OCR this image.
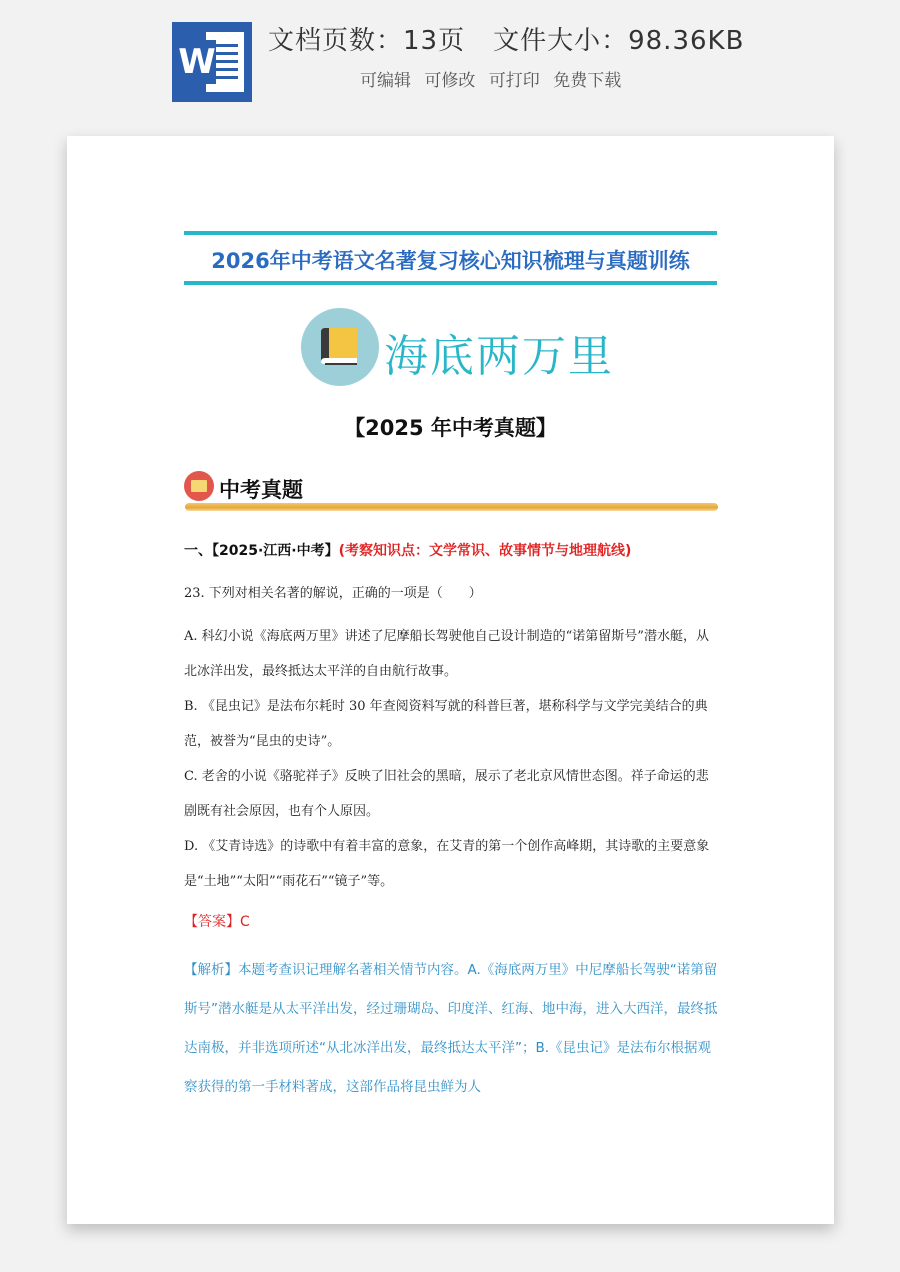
W
文档页数：13页 文件大小：98.36KB
可编辑 可修改 可打印 免费下载
2026年中考语文名著复习核心知识梳理与真题训练
海底两万里
【2025 年中考真题】
中考真题
一、【2025·江西·中考】(考察知识点：文学常识、故事情节与地理航线)
23. 下列对相关名著的解说，正确的一项是（　　）
A. 科幻小说《海底两万里》讲述了尼摩船长驾驶他自己设计制造的“诺第留斯号”潜水艇，从北冰洋出发，最终抵达太平洋的自由航行故事。
B. 《昆虫记》是法布尔耗时 30 年查阅资料写就的科普巨著，堪称科学与文学完美结合的典范，被誉为“昆虫的史诗”。
C. 老舍的小说《骆驼祥子》反映了旧社会的黑暗，展示了老北京风情世态图。祥子命运的悲剧既有社会原因，也有个人原因。
D. 《艾青诗选》的诗歌中有着丰富的意象，在艾青的第一个创作高峰期，其诗歌的主要意象是“土地”“太阳”“雨花石”“镜子”等。
【答案】C
【解析】本题考查识记理解名著相关情节内容。A.《海底两万里》中尼摩船长驾驶“诺第留斯号”潜水艇是从太平洋出发，经过珊瑚岛、印度洋、红海、地中海，进入大西洋，最终抵达南极，并非选项所述“从北冰洋出发，最终抵达太平洋”；B.《昆虫记》是法布尔根据观察获得的第一手材料著成，这部作品将昆虫鲜为人
